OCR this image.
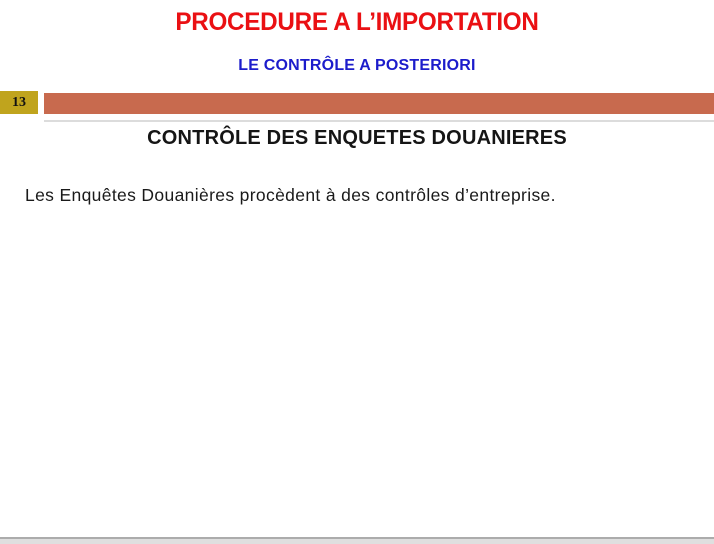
PROCEDURE A L’IMPORTATION
LE CONTRÔLE A POSTERIORI
13
CONTRÔLE DES ENQUETES DOUANIERES

Les Enquêtes Douanières procèdent à des contrôles d’entreprise.
